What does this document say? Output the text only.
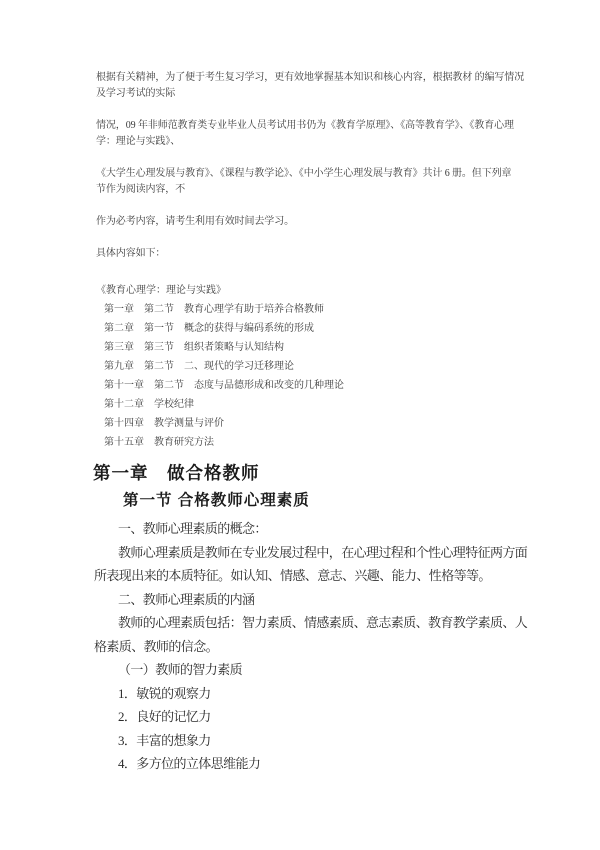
根据有关精神，为了便于考生复习学习，更有效地掌握基本知识和核心内容，根据教材 的编写情况
及学习考试的实际
情况，09 年非师范教育类专业毕业人员考试用书仍为《教育学原理》、《高等教育学》、《教育心理
学：理论与实践》、
《大学生心理发展与教育》、《课程与教学论》、《中小学生心理发展与教育》共计 6 册。但下列章
节作为阅读内容，不
作为必考内容，请考生利用有效时间去学习。
具体内容如下：
《教育心理学：理论与实践》
第一章　第二节　教育心理学有助于培养合格教师
第二章　第一节　概念的获得与编码系统的形成
第三章　第三节　组织者策略与认知结构
第九章　第二节　二、现代的学习迁移理论
第十一章　第二节　态度与品德形成和改变的几种理论
第十二章　学校纪律
第十四章　教学测量与评价
第十五章　教育研究方法
第一章　做合格教师
第一节 合格教师心理素质
一、教师心理素质的概念：
教师心理素质是教师在专业发展过程中，在心理过程和个性心理特征两方面
所表现出来的本质特征。如认知、情感、意志、兴趣、能力、性格等等。
二、教师心理素质的内涵
教师的心理素质包括：智力素质、情感素质、意志素质、教育教学素质、人
格素质、教师的信念。
（一）教师的智力素质
1．敏锐的观察力
2．良好的记忆力
3．丰富的想象力
4．多方位的立体思维能力
